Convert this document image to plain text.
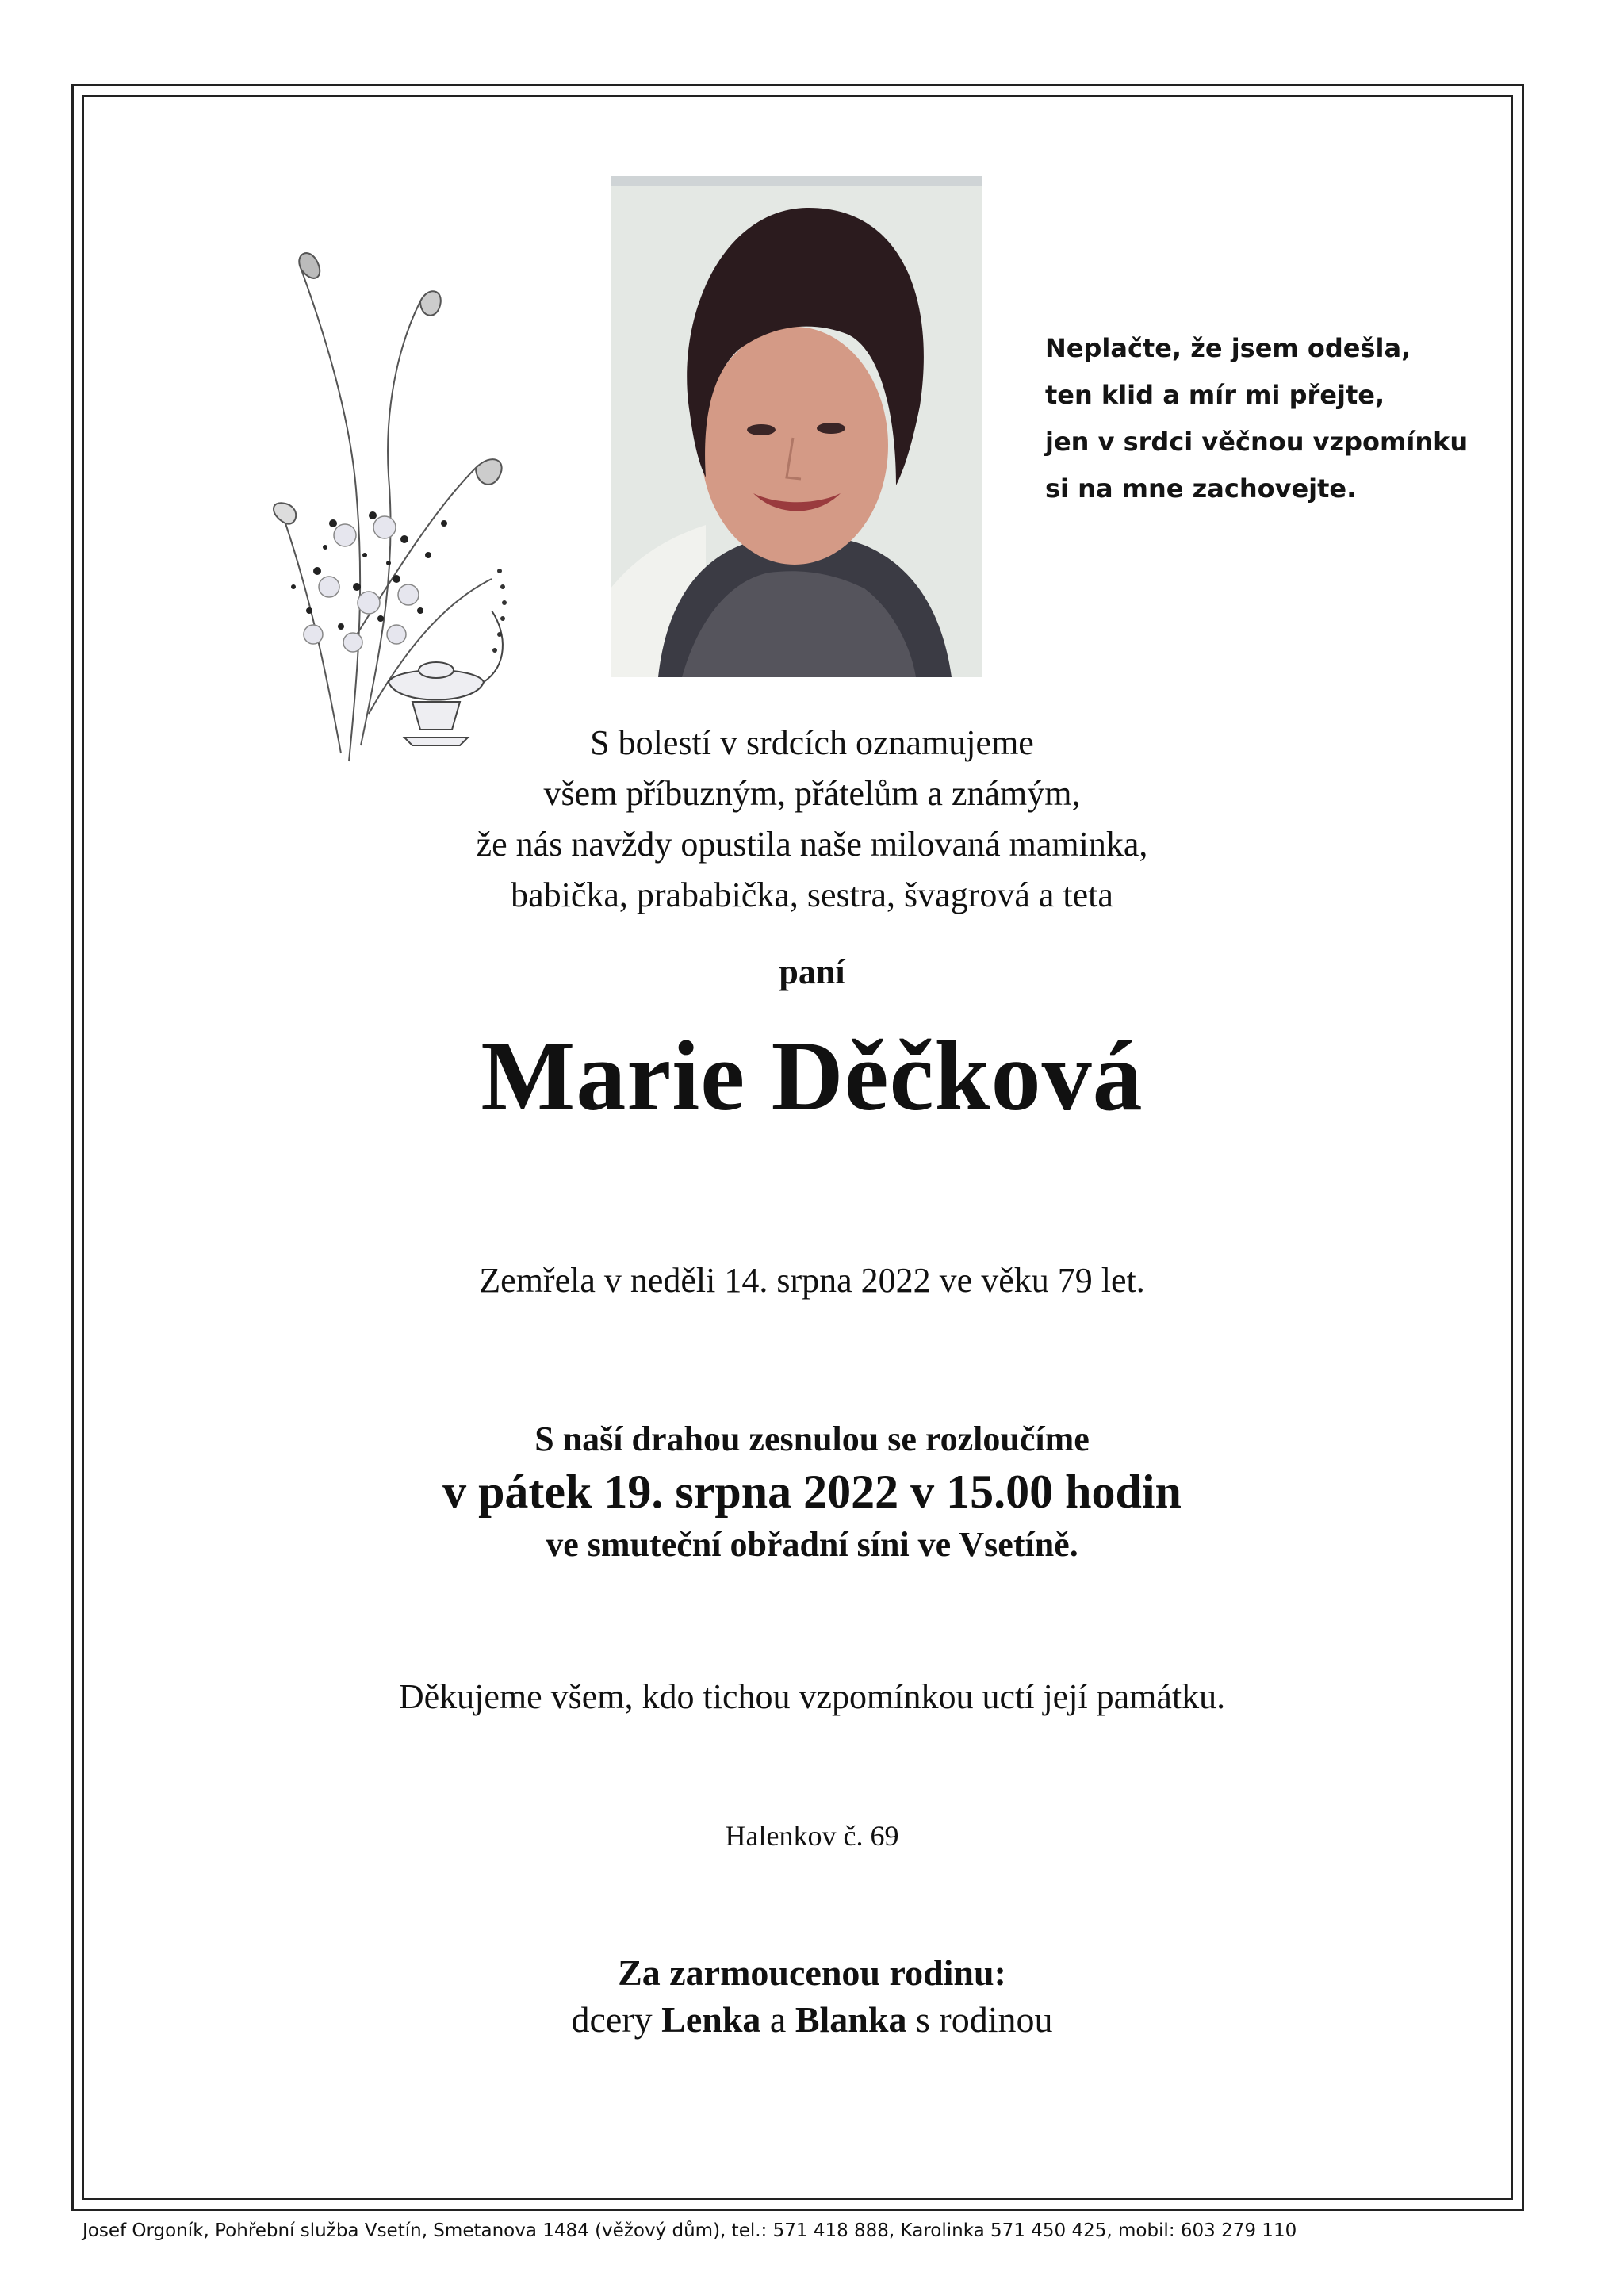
Neplačte, že jsem odešla,
ten klid a mír mi přejte,
jen v srdci věčnou vzpomínku
si na mne zachovejte.
S bolestí v srdcích oznamujeme
všem příbuzným, přátelům a známým,
že nás navždy opustila naše milovaná maminka,
babička, prababička, sestra, švagrová a teta
paní
Marie Děčková
Zemřela v neděli 14. srpna 2022 ve věku 79 let.
S naší drahou zesnulou se rozloučíme
v pátek 19. srpna 2022 v 15.00 hodin
ve smuteční obřadní síni ve Vsetíně.
Děkujeme všem, kdo tichou vzpomínkou uctí její památku.
Halenkov č. 69
Za zarmoucenou rodinu:
dcery Lenka a Blanka s rodinou
Josef Orgoník, Pohřební služba Vsetín, Smetanova 1484 (věžový dům), tel.: 571 418 888, Karolinka 571 450 425, mobil: 603 279 110
